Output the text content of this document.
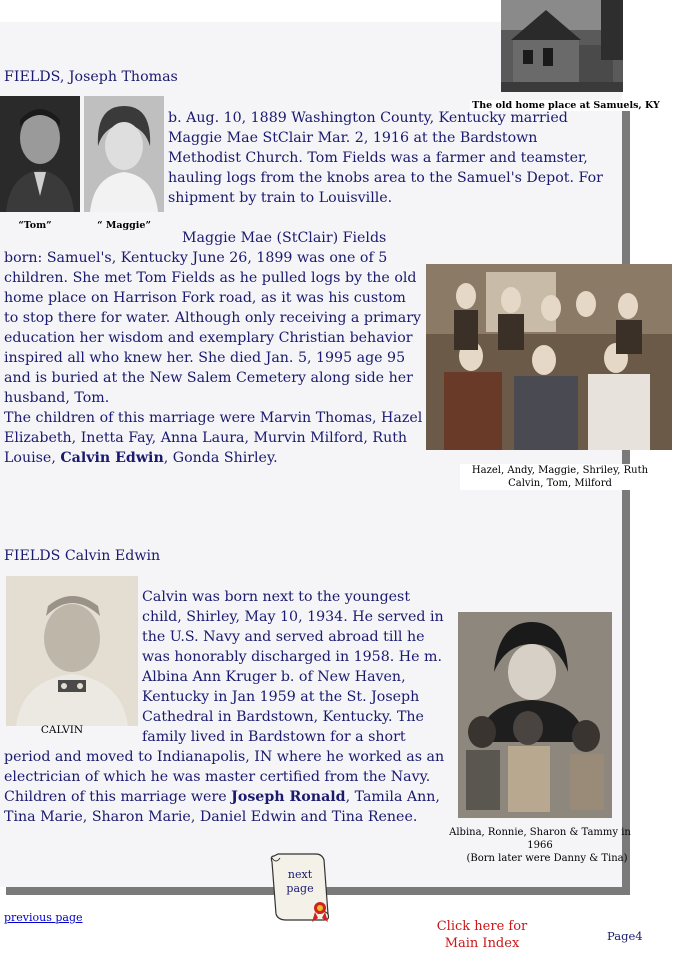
The old home place at Samuels, KY
FIELDS, Joseph Thomas
“Tom”	“ Maggie”
b. Aug. 10, 1889 Washington County, Kentucky married Maggie Mae StClair Mar. 2, 1916 at the Bardstown Methodist Church. Tom Fields was a farmer and teamster, hauling logs from the knobs area to the Samuel's Depot. For shipment by train to Louisville.
Maggie Mae (StClair) Fields born: Samuel's, Kentucky June 26, 1899 was one of 5 children. She met Tom Fields as he pulled logs by the old home place on Harrison Fork road, as it was his custom to stop there for water. Although only receiving a primary education her wisdom and exemplary Christian behavior inspired all who knew her. She died Jan. 5, 1995 age 95 and is buried at the New Salem Cemetery along side her husband, Tom.
The children of this marriage were Marvin Thomas, Hazel Elizabeth, Inetta Fay, Anna Laura, Murvin Milford, Ruth Louise, Calvin Edwin, Gonda Shirley.
Hazel, Andy, Maggie, Shriley, Ruth
Calvin, Tom, Milford
FIELDS Calvin Edwin
CALVIN
Calvin was born next to the youngest child, Shirley, May 10, 1934. He served in the U.S. Navy and served abroad till he was honorably discharged in 1958. He m. Albina Ann Kruger b. of New Haven, Kentucky in Jan 1959 at the St. Joseph Cathedral in Bardstown, Kentucky. The family lived in Bardstown for a short period and moved to Indianapolis, IN where he worked as an electrician of which he was master certified from the Navy. Children of this marriage were Joseph Ronald, Tamila Ann, Tina Marie, Sharon Marie, Daniel Edwin and Tina Renee.
Albina, Ronnie, Sharon & Tammy in 1966
(Born later were Danny & Tina)
next
page
previous page
Click here for
Main Index	Page4
